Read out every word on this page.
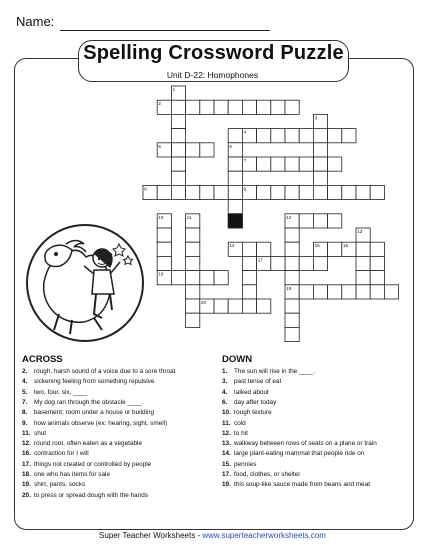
Name:
Spelling Crossword Puzzle
Unit D-22: Homophones
1
2
3
4
5	6
7
8	9
10	11	12
13
14	15	16
17
18
19
20
ACROSS
2. rough, harsh sound of a voice due to a sore throat
4. sickening feeling from something repulsive
5. two, four, six, ____
7. My dog ran through the obstacle ____.
8. basement; room under a house or building
9. how animals observe (ex: hearing, sight, smell)
11. shut
12. round root, often eaten as a vegetable
16. contraction for I will
17. things not created or controlled by people
18. one who has items for sale
19. shirt, pants, socks
20. to press or spread dough with the hands
DOWN
1. The sun will rise in the ____.
3. past tense of eat
4. talked about
6. day after today
10. rough texture
11. cold
12. to hit
13. walkway between rows of seats on a plane or train
14. large plant-eating mammal that people ride on
15. pennies
17. food, clothes, or shelter
19. this soup-like sauce made from beans and meat
Super Teacher Worksheets - www.superteacherworksheets.com
